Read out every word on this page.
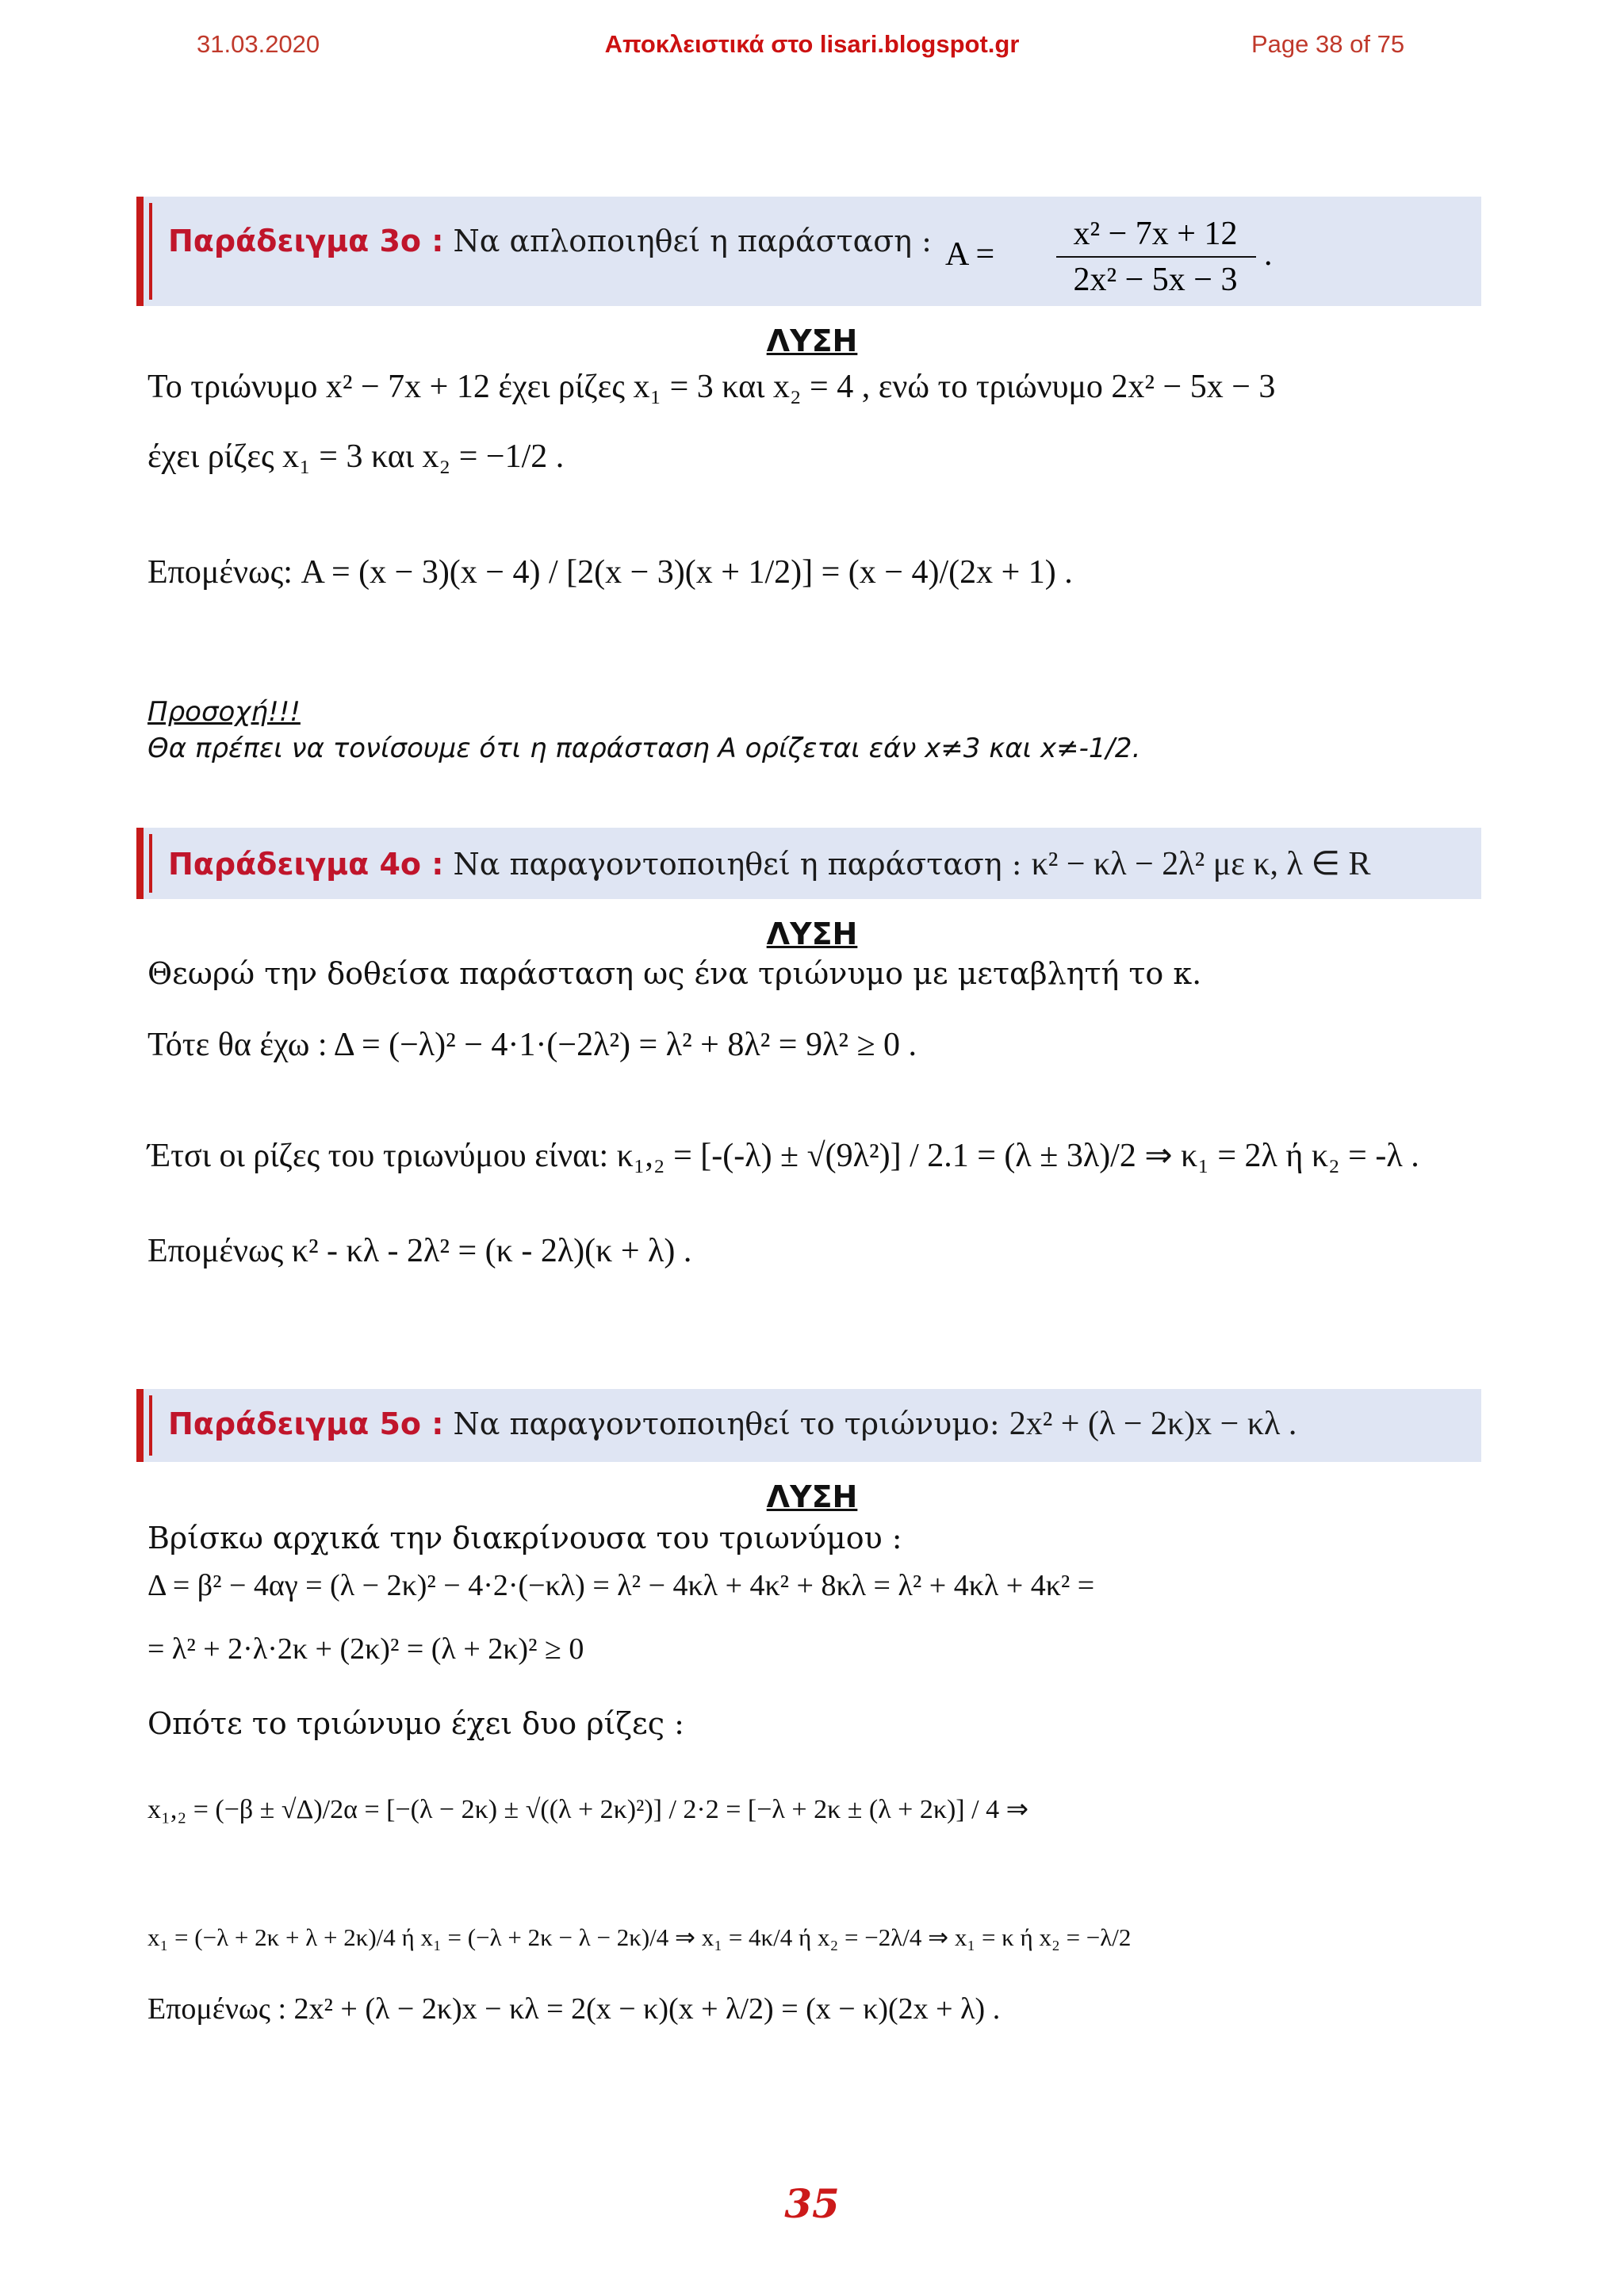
31.03.2020	Αποκλειστικά στο lisari.blogspot.gr	Page 38 of 75
Παράδειγμα 3ο : Να απλοποιηθεί η παράσταση : A =
x² − 7x + 12
2x² − 5x − 3
.
ΛΥΣΗ
Το τριώνυμο x² − 7x + 12 έχει ρίζες x₁ = 3 και x₂ = 4 , ενώ το τριώνυμο 2x² − 5x − 3
έχει ρίζες x₁ = 3 και x₂ = −1/2 .
Επομένως: A = (x − 3)(x − 4) / [2(x − 3)(x + 1/2)] = (x − 4)/(2x + 1) .
Προσοχή!!!
Θα πρέπει να τονίσουμε ότι η παράσταση Α ορίζεται εάν x≠3 και x≠-1/2.
Παράδειγμα 4ο : Να παραγοντοποιηθεί η παράσταση : κ² − κλ − 2λ² με κ, λ ∈ R
ΛΥΣΗ
Θεωρώ την δοθείσα παράσταση ως ένα τριώνυμο με μεταβλητή το κ.
Τότε θα έχω : Δ = (−λ)² − 4·1·(−2λ²) = λ² + 8λ² = 9λ² ≥ 0 .
Έτσι οι ρίζες του τριωνύμου είναι: κ₁,₂ = [-(-λ) ± √(9λ²)] / 2.1 = (λ ± 3λ)/2 ⇒ κ₁ = 2λ ή κ₂ = -λ .
Επομένως κ² - κλ - 2λ² = (κ - 2λ)(κ + λ) .
Παράδειγμα 5ο : Να παραγοντοποιηθεί το τριώνυμο: 2x² + (λ − 2κ)x − κλ .
ΛΥΣΗ
Βρίσκω αρχικά την διακρίνουσα του τριωνύμου :
Δ = β² − 4αγ = (λ − 2κ)² − 4·2·(−κλ) = λ² − 4κλ + 4κ² + 8κλ = λ² + 4κλ + 4κ² =
= λ² + 2·λ·2κ + (2κ)² = (λ + 2κ)² ≥ 0
Οπότε το τριώνυμο έχει δυο ρίζες :
x₁,₂ = (−β ± √Δ)/2α = [−(λ − 2κ) ± √((λ + 2κ)²)] / 2·2 = [−λ + 2κ ± (λ + 2κ)] / 4 ⇒
x₁ = (−λ + 2κ + λ + 2κ)/4 ή x₁ = (−λ + 2κ − λ − 2κ)/4 ⇒ x₁ = 4κ/4 ή x₂ = −2λ/4 ⇒ x₁ = κ ή x₂ = −λ/2
Επομένως : 2x² + (λ − 2κ)x − κλ = 2(x − κ)(x + λ/2) = (x − κ)(2x + λ) .
35
